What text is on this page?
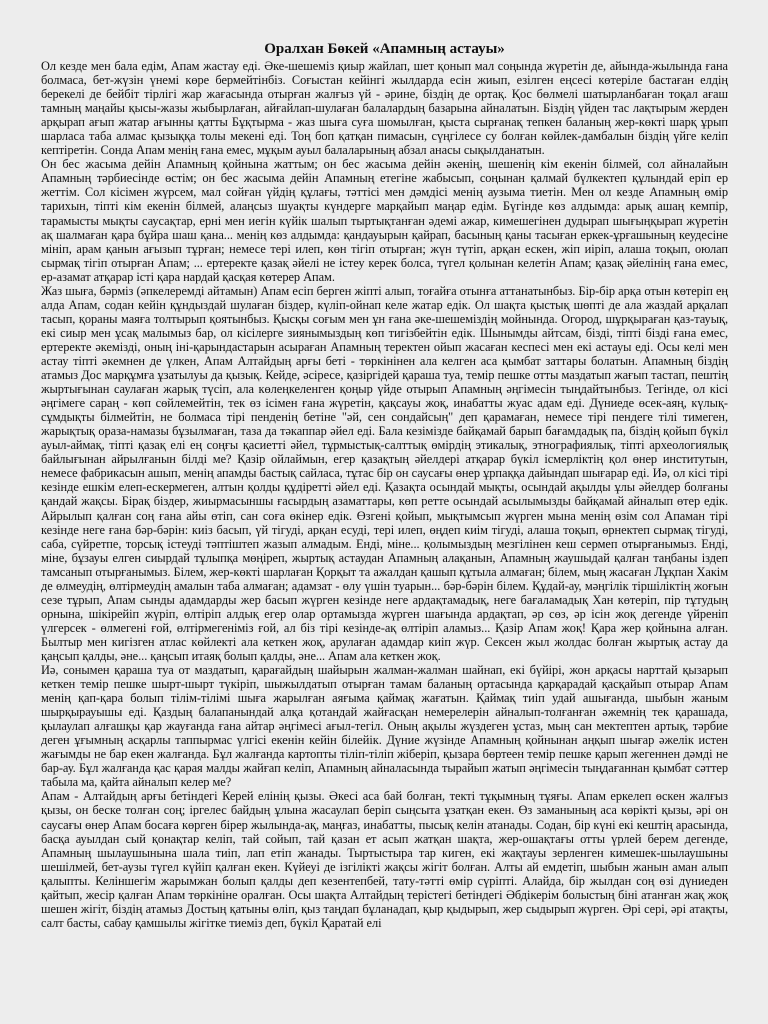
Оралхан Бөкей «Апамның астауы»

Ол кезде мен бала едім, Апам жастау еді. Әке-шешеміз қиыр жайлап, шет қонып мал соңында жүретін де, айында-жылында ғана болмаса, бет-жүзін үнемі көре бермейтінбіз. Соғыстан кейінгі жылдарда есін жиып, езілген еңсесі көтеріле бастаған елдің берекелі де бейбіт тірлігі жар жағасында отырған жалғыз үй - әрине, біздің де ортақ. Қос бөлмелі шатырланбаған тоқал ағаш тамның маңайы қысы-жазы жыбырлаған, айғайлап-шулаған балалардың базарына айналатын. Біздің үйден тас лақтырым жерден арқырап ағып жатар ағынны қатты Бұқтырма - жаз шыға суға шомылған, қыста сырғанақ тепкен баланың жер-көкті шарқ ұрып шарласа таба алмас қызыққа толы мекені еді. Тоң боп қатқан пимасын, сүңгілесе су болған көйлек-дамбалын біздің үйге келіп кептіретін. Сонда Апам менің ғана емес, мұқым ауыл балаларының абзал анасы сықылданатын.

Он бес жасыма дейін Апамның қойнына жаттым; он бес жасыма дейін әкенің, шешенің кім екенін білмей, сол айналайын Апамның тәрбиесінде өстім; он бес жасыма дейін Апамның етегіне жабысып, соңынан қалмай бүлкектеп құлындай еріп ер жеттім. Сол кісімен жүрсем, мал сойған үйдің құлағы, тәттісі мен дәмдісі менің аузыма тиетін. Мен ол кезде Апамның өмір тарихын, тіпті кім екенін білмей, алаңсыз шуақты күндерге марқайып маңар едім. Бүгінде көз алдымда: арық ашаң кемпір, тарамысты мықты саусақтар, ерні мен иегін күйік шалып тыртықтанған әдемі ажар, кимешегінен дудырап шығыңқырап жүретін ақ шалмаған қара бұйра шаш қана... менің көз алдымда: қандауырын қайрап, басының қаны тасыған еркек-ұрғашының кеудесіне мініп, арам қанын ағызып тұрған; немесе тері илеп, көн тігіп отырған; жүн түтіп, арқан ескен, жіп иіріп, алаша тоқып, оюлап сырмақ тігіп отырған Апам; ... ертеректе қазақ әйелі не істеу керек болса, түгел қолынан келетін Апам; қазақ әйелінің ғана емес, ер-азамат атқарар істі қара нардай қасқая көтерер Апам.

Жаз шыға, бәрміз (әпкелеремді айтамын) Апам есіп берген жіпті алып, тоғайға отынға аттанатынбыз. Бір-бір арқа отын көтеріп ең алда Апам, содан кейін құндыздай шулаған біздер, күліп-ойнап келе жатар едік. Ол шақта қыстық шөпті де ала жаздай арқалап тасып, қораны маяға толтырып қоятынбыз. Қысқы соғым мен ұн ғана әке-шешеміздің мойнында. Огород, шұрқыраған қаз-тауық, екі сиыр мен ұсақ малымыз бар, ол кісілерге зиянымыздың көп тигізбейтін едік. Шынымды айтсам, бізді, тіпті бізді ғана емес, ертеректе әкемізді, оның іні-қарындастарын асыраған Апамның теректен ойып жасаған кеспесі мен екі астауы еді. Осы келі мен астау тіпті әкемнен де үлкен, Апам Алтайдың арғы беті - төркінінен ала келген аса қымбат заттары болатын. Апамның біздің атамыз Дос марқұмға ұзатылуы да қызық. Кейде, әсіресе, қазіргідей қараша туа, темір пешке отты маздатып жағып тастап, пештің жыртығынан саулаған жарық түсіп, ала көлеңкеленген қоңыр үйде отырып Апамның әңгімесін тыңдайтынбыз. Тегінде, ол кісі әңгімеге сараң - көп сөйлемейтін, тек өз ісімен ғана жүретін, қақсауы жоқ, инабатты жуас адам еді. Дүниеде өсек-аяң, күлық-сұмдықты білмейтін, не болмаса тірі пенденің бетіне "әй, сен сондайсың" деп қарамаған, немесе тірі пендеге тілі тимеген, жарықтық ораза-намазы бұзылмаған, таза да тәкаппар әйел еді. Бала кезімізде байқамай барып бағамдадық па, біздің қойып бүкіл ауыл-аймақ, тіпті қазақ елі ең соңғы қасиетті әйел, тұрмыстық-салттық өмірдің этикалық, этнографиялық, тіпті археологиялық байлығынан айрылғанын білді ме? Қазір ойлаймын, егер қазақтың әйелдері атқарар бүкіл ісмерліктің қол өнер институтын, немесе фабрикасын ашып, менің апамды бастық сайласа, тұтас бір он саусағы өнер ұрпаққа дайындап шығарар еді. Иә, ол кісі тірі кезінде ешкім елеп-ескермеген, алтын қолды құдіретті әйел еді. Қазақта осындай мықты, осындай ақылды ұлы әйелдер болғаны қандай жақсы. Бірақ біздер, жиырмасыншы ғасырдың азаматтары, көп ретте осындай асылымызды байқамай айналып өтер едік. Айрылып қалған соң ғана айы өтіп, сан соға өкінер едік. Өзгені қойып, мықтымсып жүрген мына менің өзім сол Апаман тірі кезінде неге ғана бәр-бәрін: киіз басып, үй тігуді, арқан есуді, тері илеп, өңдеп киім тігуді, алаша тоқып, өрнектеп сырмақ тігуді, саба, сүйретпе, торсық істеуді тәптіштеп жазып алмадым. Енді, міне... қолымыздың мезгілінен кеш сермеп отырғанымыз. Енді, міне, бұзауы елген сиырдай тұлыпқа мөңіреп, жыртық астаудан Апамның алақанын, Апамның жаушыдай қалған таңбаны іздеп тамсанып отырғанымыз. Білем, жер-көкті шарлаған Қорқыт та ажалдан қашып құтыла алмаған; білем, мың жасаған Лұқпан Хакім де өлмеудің, өлтірмеудің амалын таба алмаған; адамзат - өлу үшін туарын... бәр-бәрін білем. Құдай-ау, мәңгілік тіршіліктің жоғын сезе тұрып, Апам сынды адамдарды жер басып жүрген кезінде неге ардақтамадық, неге бағаламадық Хан көтеріп, пір тұтудың орнына, шікірейіп жүріп, өлтіріп алдық егер олар ортамызда жүрген шағында ардақтап, әр сөз, әр ісін жоқ дегенде үйреніп үлгерсек - өлмегені ғой, өлтірмегеніміз ғой, ал біз тірі кезінде-ақ өлтіріп аламыз... Қазір Апам жоқ! Қара жер қойнына алған. Былтыр мен кигізген атлас көйлекті ала кеткен жоқ, арулаған адамдар киіп жүр. Сексен жыл жолдас болған жыртық астау да қаңсып қалды, әне... қаңсып итаяқ болып қалды, әне... Апам ала кеткен жоқ.

Иә, сонымен қараша туа от маздатып, қарағайдың шайырын жалман-жалман шайнап, екі бүйірі, жон арқасы нарттай қызарып кеткен темір пешке шырт-шырт түкіріп, шыжылдатып отырған тамам баланың ортасында қарқарадай қасқайып отырар Апам менің қап-қара болып тілім-тілімі шыға жарылған аяғыма қаймақ жағатын. Қаймақ тиіп удай ашығанда, шыбын жаным шырқырауышы еді. Қаздың балапанындай алқа қотандай жайғасқан немерелерін айналып-толғанған әжемнің тек қарашада, қылаулап алғашқы қар жауғанда ғана айтар әңгімесі ағыл-тегіл. Оның ақылы жүздеген ұстаз, мың сан мектептен артық, тәрбие деген ұғымның асқарлы таппырмас үлгісі екенін кейін білейік. Дүние жүзінде Апамның қойнынан аңқып шығар әжелік истен жағымды не бар екен жалғанда. Бұл жалғанда картопты тіліп-тіліп жіберіп, қызара бөртеен темір пешке қарып жегеннен дәмді не бар-ау. Бұл жалғанда қас қарая малды жайғап келіп, Апамның айналасында тырайып жатып әңгімесін тыңдағаннан қымбат сәттер табыла ма, қайта айналып келер ме?

Апам - Алтайдың арғы бетіндегі Керей елінің қызы. Әкесі аса бай болған, текті тұқымның тұяғы. Апам еркелеп өскен жалғыз қызы, он беске толған соң; іргелес байдың ұлына жасаулап беріп сыңсыта ұзатқан екен. Өз заманының аса көрікті қызы, әрі он саусағы өнер Апам босаға көрген бірер жылында-ақ, маңғаз, инабатты, пысық келін атанады. Содан, бір күні екі кештің арасында, басқа ауылдан сый қонақтар келіп, тай сойып, тай қазан ет асып жатқан шақта, жер-ошақтағы отты үрлей берем дегенде, Апамның шылаушынына шала тиіп, лап етіп жанады. Тыртыстыра тар киген, екі жақтауы зерленген кимешек-шылаушыны шешілмей, бет-аузы түгел күйіп қалған екен. Күйеуі де ізгілікті жақсы жігіт болған. Алты ай емдетіп, шыбын жанын аман алып қалыпты. Келіншегім жарымжан болып қалды деп кезентепбей, тату-тәтті өмір сүріпті. Алайда, бір жылдан соң өзі дүниеден қайтып, жесір қалған Апам төркініне оралған. Осы шақта Алтайдың терістегі бетіндегі Әбдікерім болыстың біні атанған жақ жоқ шешен жігіт, біздің атамыз Достың қатыны өліп, қыз таңдап бұланадап, қыр қыдырып, жер сыдырып жүрген. Әрі сері, әрі атақты, салт басты, сабау қамшылы жігітке тиеміз деп, бүкіл Қаратай елі
